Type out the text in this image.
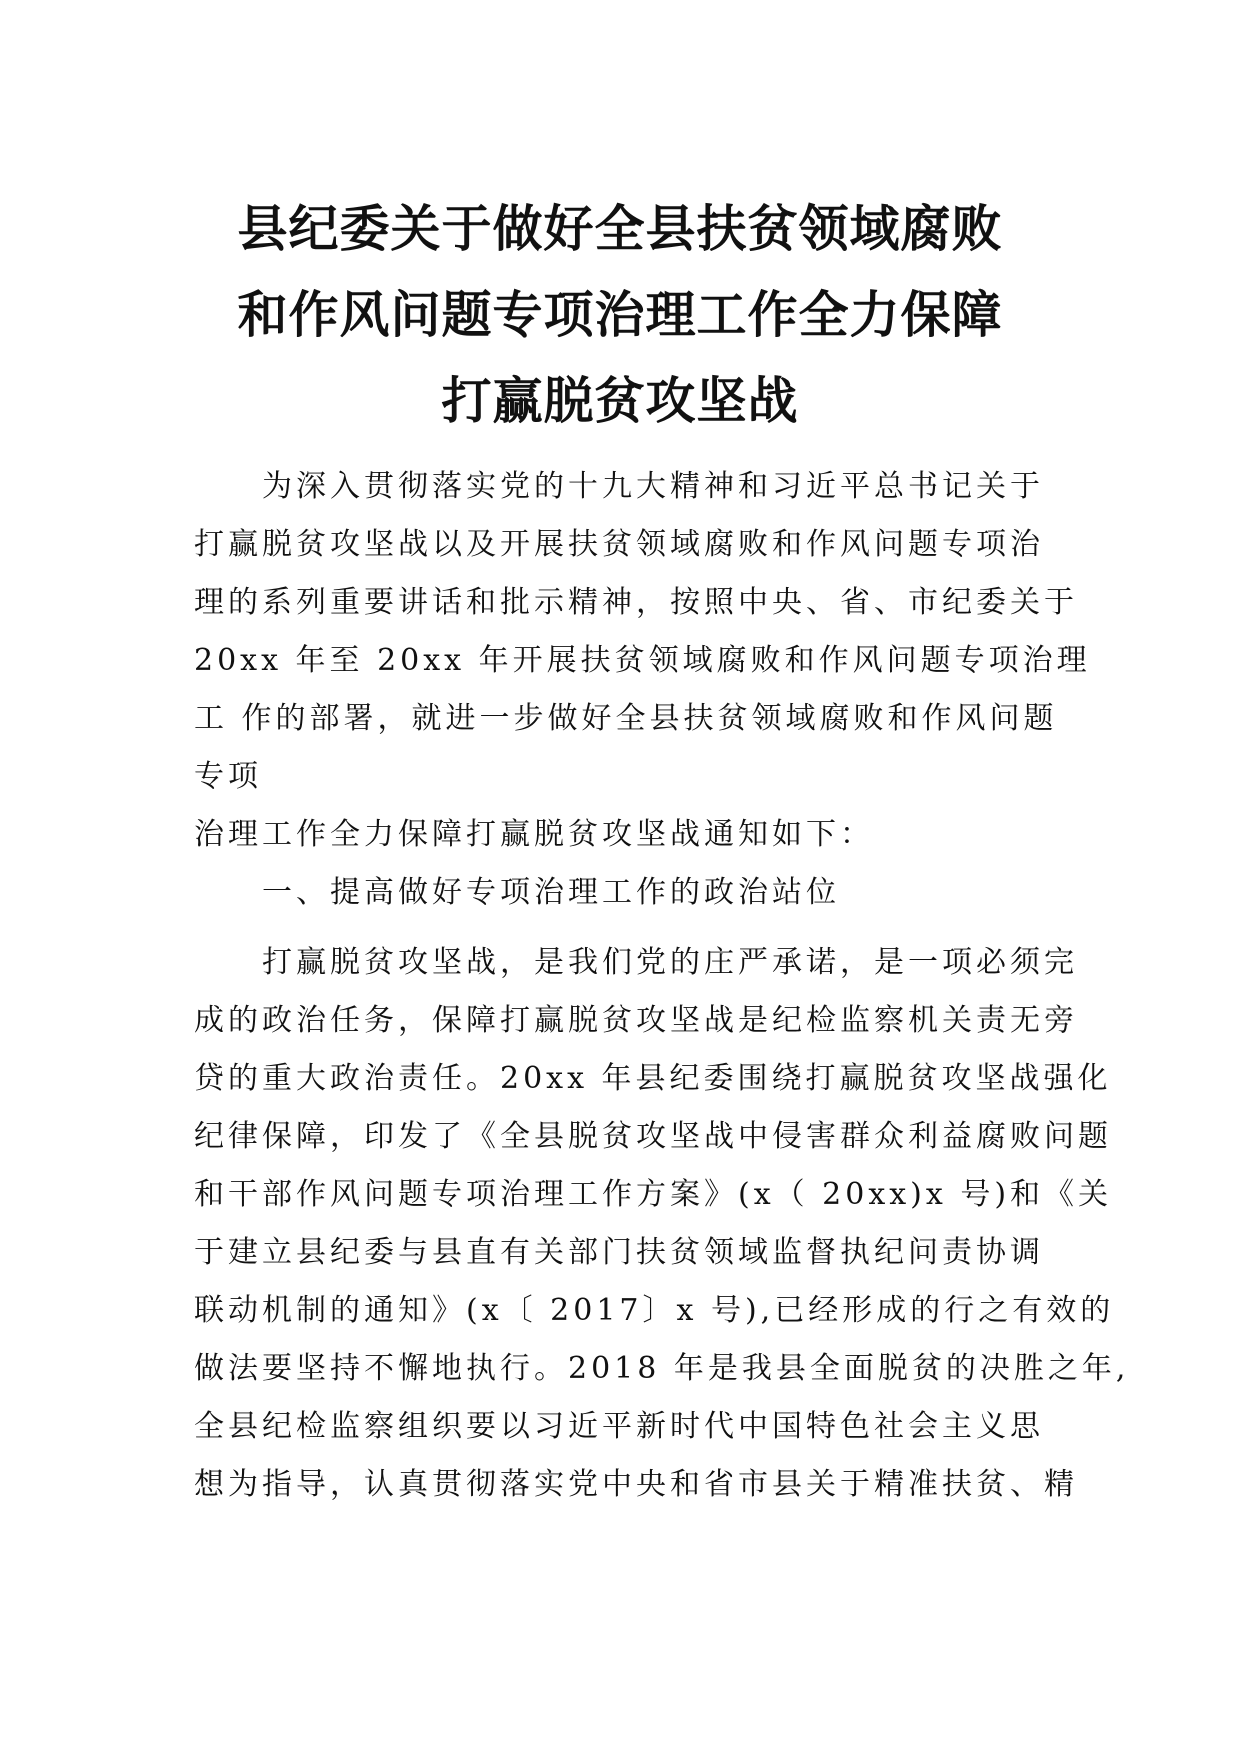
县纪委关于做好全县扶贫领域腐败
和作风问题专项治理工作全力保障
打赢脱贫攻坚战
为深入贯彻落实党的十九大精神和习近平总书记关于
打赢脱贫攻坚战以及开展扶贫领域腐败和作风问题专项治
理的系列重要讲话和批示精神，按照中央、省、市纪委关于
20xx 年至 20xx 年开展扶贫领域腐败和作风问题专项治理
工 作的部署，就进一步做好全县扶贫领域腐败和作风问题
专项
治理工作全力保障打赢脱贫攻坚战通知如下：
一、提高做好专项治理工作的政治站位
打赢脱贫攻坚战，是我们党的庄严承诺，是一项必须完
成的政治任务，保障打赢脱贫攻坚战是纪检监察机关责无旁
贷的重大政治责任。20xx 年县纪委围绕打赢脱贫攻坚战强化
纪律保障，印发了《全县脱贫攻坚战中侵害群众利益腐败问题
和干部作风问题专项治理工作方案》(x（ 20xx)x 号)和《关
于建立县纪委与县直有关部门扶贫领域监督执纪问责协调
联动机制的通知》(x〔 2017〕x 号),已经形成的行之有效的
做法要坚持不懈地执行。2018 年是我县全面脱贫的决胜之年,
全县纪检监察组织要以习近平新时代中国特色社会主义思
想为指导，认真贯彻落实党中央和省市县关于精准扶贫、精
